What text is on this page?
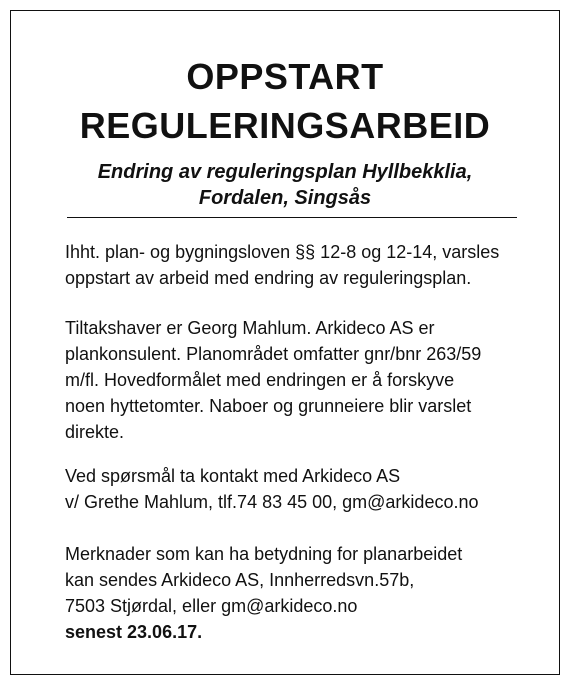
OPPSTART
REGULERINGSARBEID
Endring av reguleringsplan Hyllbekklia,
Fordalen, Singsås
Ihht. plan- og bygningsloven §§ 12-8 og 12-14, varsles
oppstart av arbeid med endring av reguleringsplan.
Tiltakshaver er Georg Mahlum. Arkideco AS er
plankonsulent. Planområdet omfatter gnr/bnr 263/59
m/fl. Hovedformålet med endringen er å forskyve
noen hyttetomter. Naboer og grunneiere blir varslet
direkte.
Ved spørsmål ta kontakt med Arkideco AS
v/ Grethe Mahlum, tlf.74 83 45 00, gm@arkideco.no
Merknader som kan ha betydning for planarbeidet
kan sendes Arkideco AS, Innherredsvn.57b,
7503 Stjørdal, eller gm@arkideco.no
senest 23.06.17.
